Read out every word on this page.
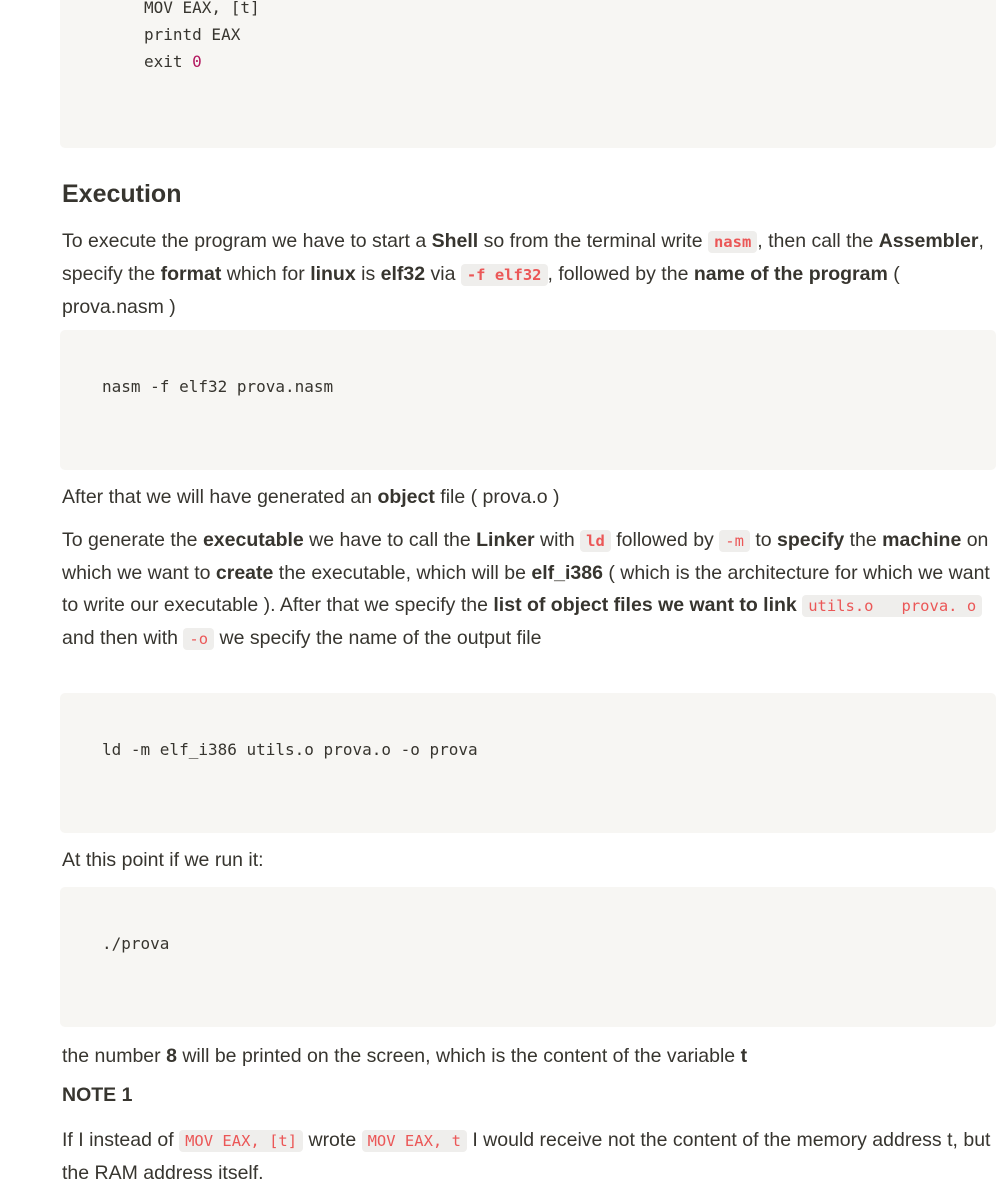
MOV EAX, [t]
printd EAX
exit 0
Execution
To execute the program we have to start a Shell so from the terminal write nasm , then call the Assembler, specify the format which for linux is elf32 via -f elf32 , followed by the name of the program ( prova.nasm )
nasm -f elf32 prova.nasm
After that we will have generated an object file ( prova.o )
To generate the executable we have to call the Linker with ld followed by -m to specify the machine on which we want to create the executable, which will be elf_i386 ( which is the architecture for which we want to write our executable ). After that we specify the list of object files we want to link utils.o   prova. o and then with -o we specify the name of the output file
ld -m elf_i386 utils.o prova.o -o prova
At this point if we run it:
./prova
the number 8 will be printed on the screen, which is the content of the variable t
NOTE 1
If I instead of MOV EAX, [t] wrote MOV EAX, t I would receive not the content of the memory address t, but the RAM address itself.
